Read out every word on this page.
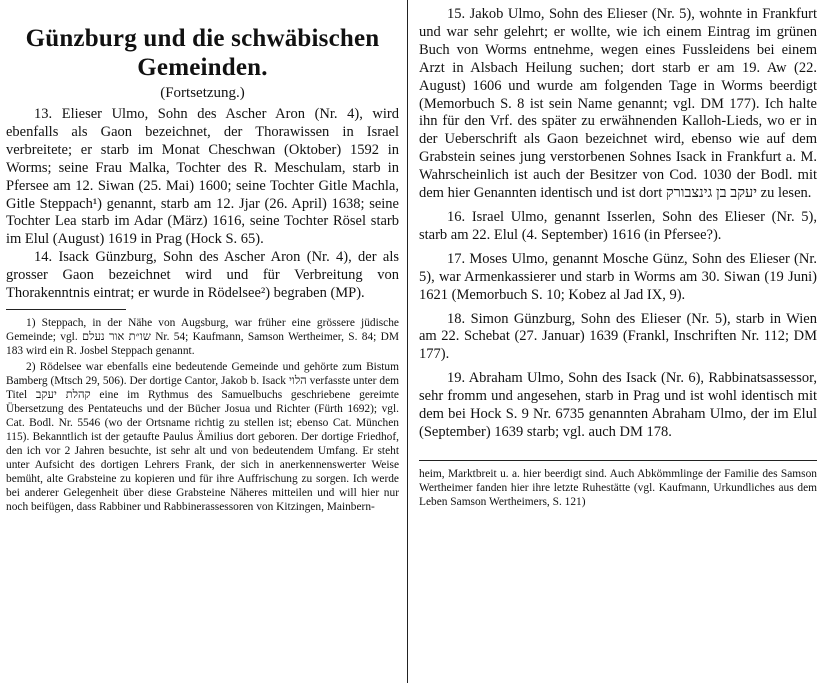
Günzburg und die schwäbischen
Gemeinden.
(Fortsetzung.)

13. Elieser Ulmo, Sohn des Ascher Aron (Nr. 4), wird ebenfalls als Gaon bezeichnet, der Thorawissen in Israel verbreitete; er starb im Monat Cheschwan (Oktober) 1592 in Worms; seine Frau Malka, Tochter des R. Meschulam, starb in Pfersee am 12. Siwan (25. Mai) 1600; seine Tochter Gitle Machla, Gitle Steppach¹) genannt, starb am 12. Jjar (26. April) 1638; seine Tochter Lea starb im Adar (März) 1616, seine Tochter Rösel starb im Elul (August) 1619 in Prag (Hock S. 65).

14. Isack Günzburg, Sohn des Ascher Aron (Nr. 4), der als grosser Gaon bezeichnet wird und für Verbreitung von Thorakenntnis eintrat; er wurde in Rödelsee²) begraben (MP).

1) Steppach, in der Nähe von Augsburg, war früher eine grössere jüdische Gemeinde; vgl. שו״ת אור נעלם Nr. 54; Kaufmann, Samson Wertheimer, S. 84; DM 183 wird ein R. Josbel Steppach genannt.

2) Rödelsee war ebenfalls eine bedeutende Gemeinde und gehörte zum Bistum Bamberg (Mtsch 29, 506). Der dortige Cantor, Jakob b. Isack הלוי verfasste unter dem Titel קהלת יעקב eine im Rythmus des Samuelbuchs geschriebene gereimte Übersetzung des Pentateuchs und der Bücher Josua und Richter (Fürth 1692); vgl. Cat. Bodl. Nr. 5546 (wo der Ortsname richtig zu stellen ist; ebenso Cat. München 115). Bekanntlich ist der getaufte Paulus Ämilius dort geboren. Der dortige Friedhof, den ich vor 2 Jahren besuchte, ist sehr alt und von bedeutendem Umfang. Er steht unter Aufsicht des dortigen Lehrers Frank, der sich in anerkennenswerter Weise bemüht, alte Grabsteine zu kopieren und für ihre Auffrischung zu sorgen. Ich werde bei anderer Gelegenheit über diese Grabsteine Näheres mitteilen und will hier nur noch beifügen, dass Rabbiner und Rabbinerassessoren von Kitzingen, Mainbern-

15. Jakob Ulmo, Sohn des Elieser (Nr. 5), wohnte in Frankfurt und war sehr gelehrt; er wollte, wie ich einem Eintrag im grünen Buch von Worms entnehme, wegen eines Fussleidens bei einem Arzt in Alsbach Heilung suchen; dort starb er am 19. Aw (22. August) 1606 und wurde am folgenden Tage in Worms beerdigt (Memorbuch S. 8 ist sein Name genannt; vgl. DM 177). Ich halte ihn für den Vrf. des später zu erwähnenden Kalloh-Lieds, wo er in der Ueberschrift als Gaon bezeichnet wird, ebenso wie auf dem Grabstein seines jung verstorbenen Sohnes Isack in Frankfurt a. M. Wahrscheinlich ist auch der Besitzer von Cod. 1030 der Bodl. mit dem hier Genannten identisch und ist dort יעקב בן גינצבורק zu lesen.

16. Israel Ulmo, genannt Isserlen, Sohn des Elieser (Nr. 5), starb am 22. Elul (4. September) 1616 (in Pfersee?).

17. Moses Ulmo, genannt Mosche Günz, Sohn des Elieser (Nr. 5), war Armenkassierer und starb in Worms am 30. Siwan (19 Juni) 1621 (Memorbuch S. 10; Kobez al Jad IX, 9).

18. Simon Günzburg, Sohn des Elieser (Nr. 5), starb in Wien am 22. Schebat (27. Januar) 1639 (Frankl, Inschriften Nr. 112; DM 177).

19. Abraham Ulmo, Sohn des Isack (Nr. 6), Rabbinatsassessor, sehr fromm und angesehen, starb in Prag und ist wohl identisch mit dem bei Hock S. 9 Nr. 6735 genannten Abraham Ulmo, der im Elul (September) 1639 starb; vgl. auch DM 178.

heim, Marktbreit u. a. hier beerdigt sind. Auch Abkömmlinge der Familie des Samson Wertheimer fanden hier ihre letzte Ruhestätte (vgl. Kaufmann, Urkundliches aus dem Leben Samson Wertheimers, S. 121)
